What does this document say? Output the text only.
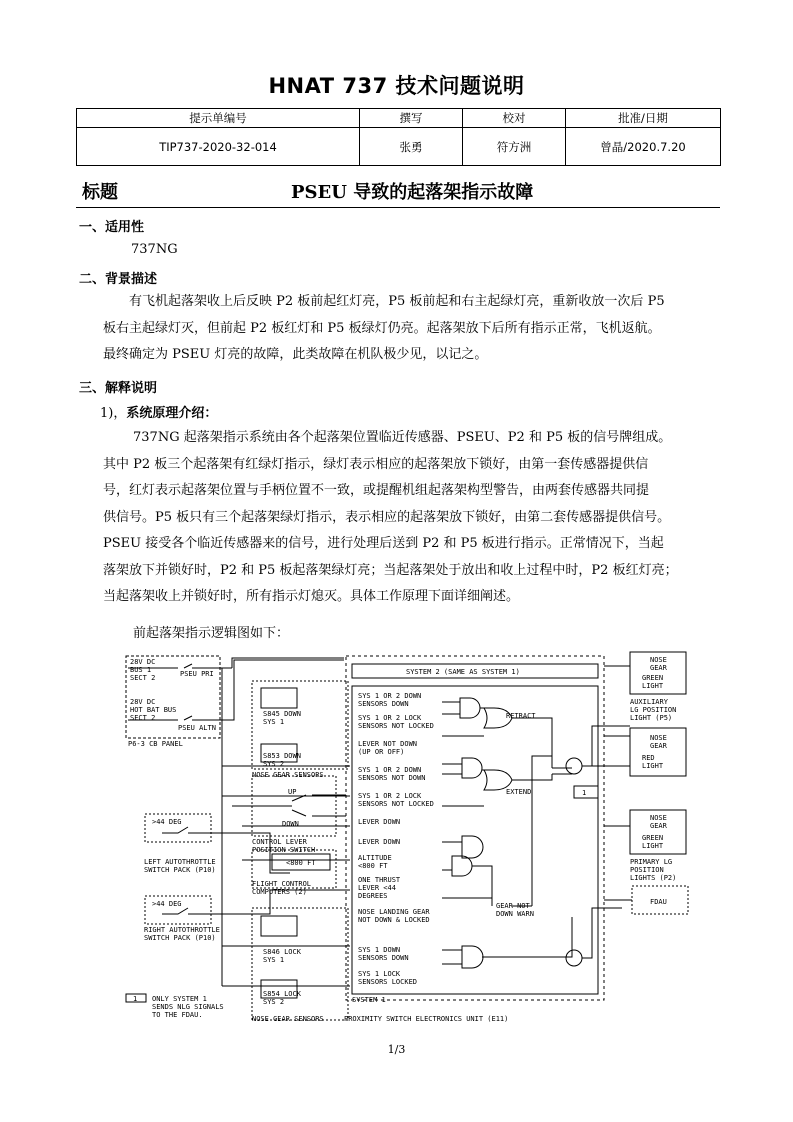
HNAT 737 技术问题说明
提示单编号	撰写	校对	批准/日期
TIP737-2020-32-014	张勇	符方洲	曾晶/2020.7.20
标题	PSEU 导致的起落架指示故障
一、适用性
737NG
二、背景描述
有飞机起落架收上后反映 P2 板前起红灯亮，P5 板前起和右主起绿灯亮，重新收放一次后 P5
板右主起绿灯灭，但前起 P2 板红灯和 P5 板绿灯仍亮。起落架放下后所有指示正常，飞机返航。
最终确定为 PSEU 灯亮的故障，此类故障在机队极少见，以记之。
三、解释说明
1)，系统原理介绍：
737NG 起落架指示系统由各个起落架位置临近传感器、PSEU、P2 和 P5 板的信号牌组成。
其中 P2 板三个起落架有红绿灯指示，绿灯表示相应的起落架放下锁好，由第一套传感器提供信
号，红灯表示起落架位置与手柄位置不一致，或提醒机组起落架构型警告，由两套传感器共同提
供信号。P5 板只有三个起落架绿灯指示，表示相应的起落架放下锁好，由第二套传感器提供信号。
PSEU 接受各个临近传感器来的信号，进行处理后送到 P2 和 P5 板进行指示。正常情况下，当起
落架放下并锁好时，P2 和 P5 板起落架绿灯亮；当起落架处于放出和收上过程中时，P2 板红灯亮；
当起落架收上并锁好时，所有指示灯熄灭。具体工作原理下面详细阐述。
前起落架指示逻辑图如下：
28V DC
BUS 1
SECT 2	PSEU PRI
28V DC
HOT BAT BUS
SECT 2
PSEU ALTN
P6-3 CB PANEL
S845 DOWN
SYS 1
S853 DOWN
SYS 2
NOSE GEAR SENSORS
UP
DOWN
CONTROL LEVER
POSITION SWITCH
>44 DEG
LEFT AUTOTHROTTLE
SWITCH PACK (P10)
<800 FT
FLIGHT CONTROL
COMPUTERS (2)
>44 DEG
RIGHT AUTOTHROTTLE
SWITCH PACK (P10)
S846 LOCK
SYS 1
S854 LOCK
SYS 2
NOSE GEAR SENSORS
1 ONLY SYSTEM 1
SENDS NLG SIGNALS
TO THE FDAU.
SYSTEM 2 (SAME AS SYSTEM 1)
SYS 1 OR 2 DOWN
SENSORS DOWN
SYS 1 OR 2 LOCK
SENSORS NOT LOCKED
LEVER NOT DOWN
(UP OR OFF)
RETRACT
SYS 1 OR 2 DOWN
SENSORS NOT DOWN
SYS 1 OR 2 LOCK
SENSORS NOT LOCKED
LEVER DOWN
EXTEND
LEVER DOWN
ALTITUDE
<800 FT
ONE THRUST
LEVER <44
DEGREES
NOSE LANDING GEAR
NOT DOWN & LOCKED
GEAR NOT
DOWN WARN
SYS 1 DOWN
SENSORS DOWN
SYS 1 LOCK
SENSORS LOCKED
SYSTEM 1
PROXIMITY SWITCH ELECTRONICS UNIT (E11)
NOSE
GEAR
GREEN
LIGHT
AUXILIARY
LG POSITION
LIGHT (P5)
NOSE
GEAR
RED
LIGHT
NOSE
GEAR
GREEN
LIGHT
PRIMARY LG
POSITION
LIGHTS (P2)
FDAU
1
1/3
